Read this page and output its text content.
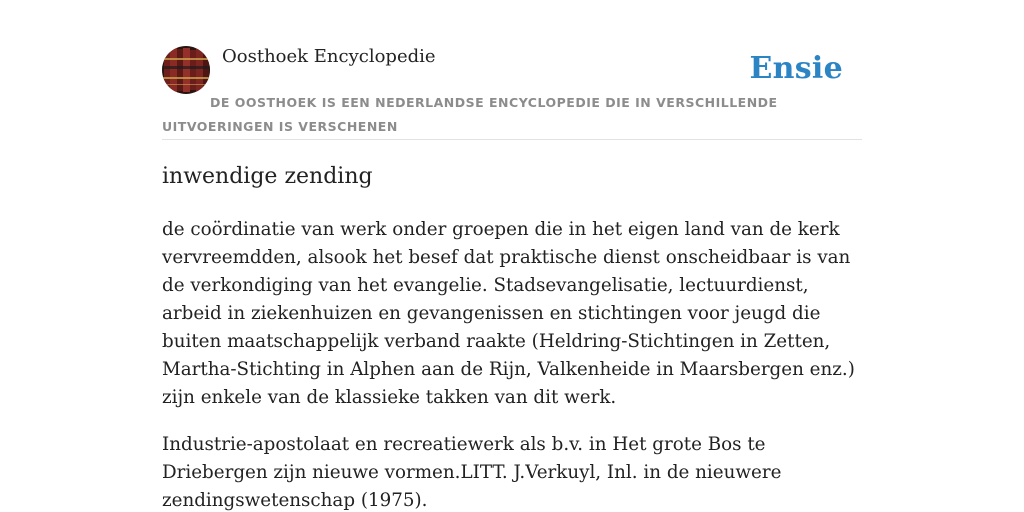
Oosthoek Encyclopedie	Ensie
DE OOSTHOEK IS EEN NEDERLANDSE ENCYCLOPEDIE DIE IN VERSCHILLENDE UITVOERINGEN IS VERSCHENEN
inwendige zending

de coördinatie van werk onder groepen die in het eigen land van de kerk vervreemdden, alsook het besef dat praktische dienst onscheidbaar is van de verkondiging van het evangelie. Stadsevangelisatie, lectuurdienst, arbeid in ziekenhuizen en gevangenissen en stichtingen voor jeugd die buiten maatschappelijk verband raakte (Heldring-Stichtingen in Zetten, Martha-Stichting in Alphen aan de Rijn, Valkenheide in Maarsbergen enz.) zijn enkele van de klassieke takken van dit werk.

Industrie-apostolaat en recreatiewerk als b.v. in Het grote Bos te Driebergen zijn nieuwe vormen.LITT. J.Verkuyl, Inl. in de nieuwere zendingswetenschap (1975).
